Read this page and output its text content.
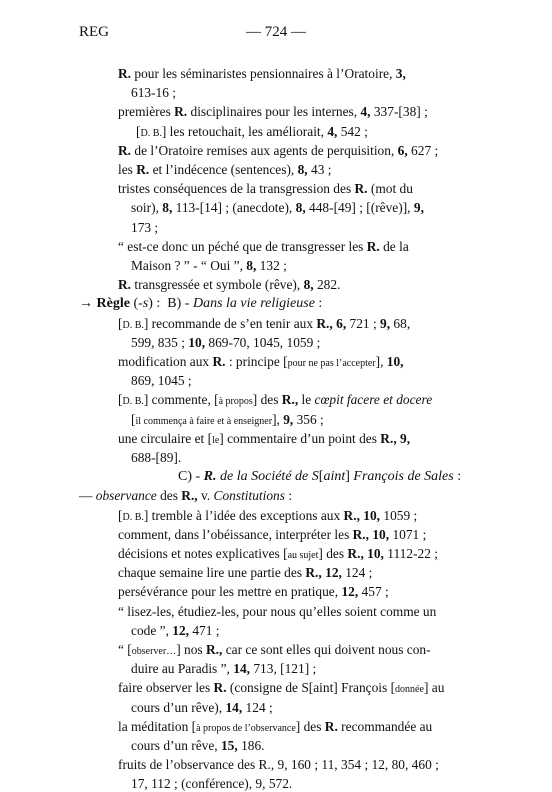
REG	— 724 —
R. pour les séminaristes pensionnaires à l’Oratoire, 3,
613-16 ;
premières R. disciplinaires pour les internes, 4, 337-[38] ;
[D. B.] les retouchait, les améliorait, 4, 542 ;
R. de l’Oratoire remises aux agents de perquisition, 6, 627 ;
les R. et l’indécence (sentences), 8, 43 ;
tristes conséquences de la transgression des R. (mot du
soir), 8, 113-[14] ; (anecdote), 8, 448-[49] ; [(rêve)], 9,
173 ;
“ est-ce donc un péché que de transgresser les R. de la
Maison ? ” - “ Oui ”, 8, 132 ;
R. transgressée et symbole (rêve), 8, 282.
→ Règle (-s) :  B) - Dans la vie religieuse :
[D. B.] recommande de s’en tenir aux R., 6, 721 ; 9, 68,
599, 835 ; 10, 869-70, 1045, 1059 ;
modification aux R. : principe [pour ne pas l’accepter], 10,
869, 1045 ;
[D. B.] commente, [à propos] des R., le cœpit facere et docere
[il commença à faire et à enseigner], 9, 356 ;
une circulaire et [le] commentaire d’un point des R., 9,
688-[89].
C) - R. de la Société de S[aint] François de Sales :
— observance des R., v. Constitutions :
[D. B.] tremble à l’idée des exceptions aux R., 10, 1059 ;
comment, dans l’obéissance, interpréter les R., 10, 1071 ;
décisions et notes explicatives [au sujet] des R., 10, 1112-22 ;
chaque semaine lire une partie des R., 12, 124 ;
persévérance pour les mettre en pratique, 12, 457 ;
“ lisez-les, étudiez-les, pour nous qu’elles soient comme un
code ”, 12, 471 ;
“ [observer…] nos R., car ce sont elles qui doivent nous con-
duire au Paradis ”, 14, 713, [121] ;
faire observer les R. (consigne de S[aint] François [donnée] au
cours d’un rêve), 14, 124 ;
la méditation [à propos de l’observance] des R. recommandée au
cours d’un rêve, 15, 186.
fruits de l’observance des R., 9, 160 ; 11, 354 ; 12, 80, 460 ;
17, 112 ; (conférence), 9, 572.
